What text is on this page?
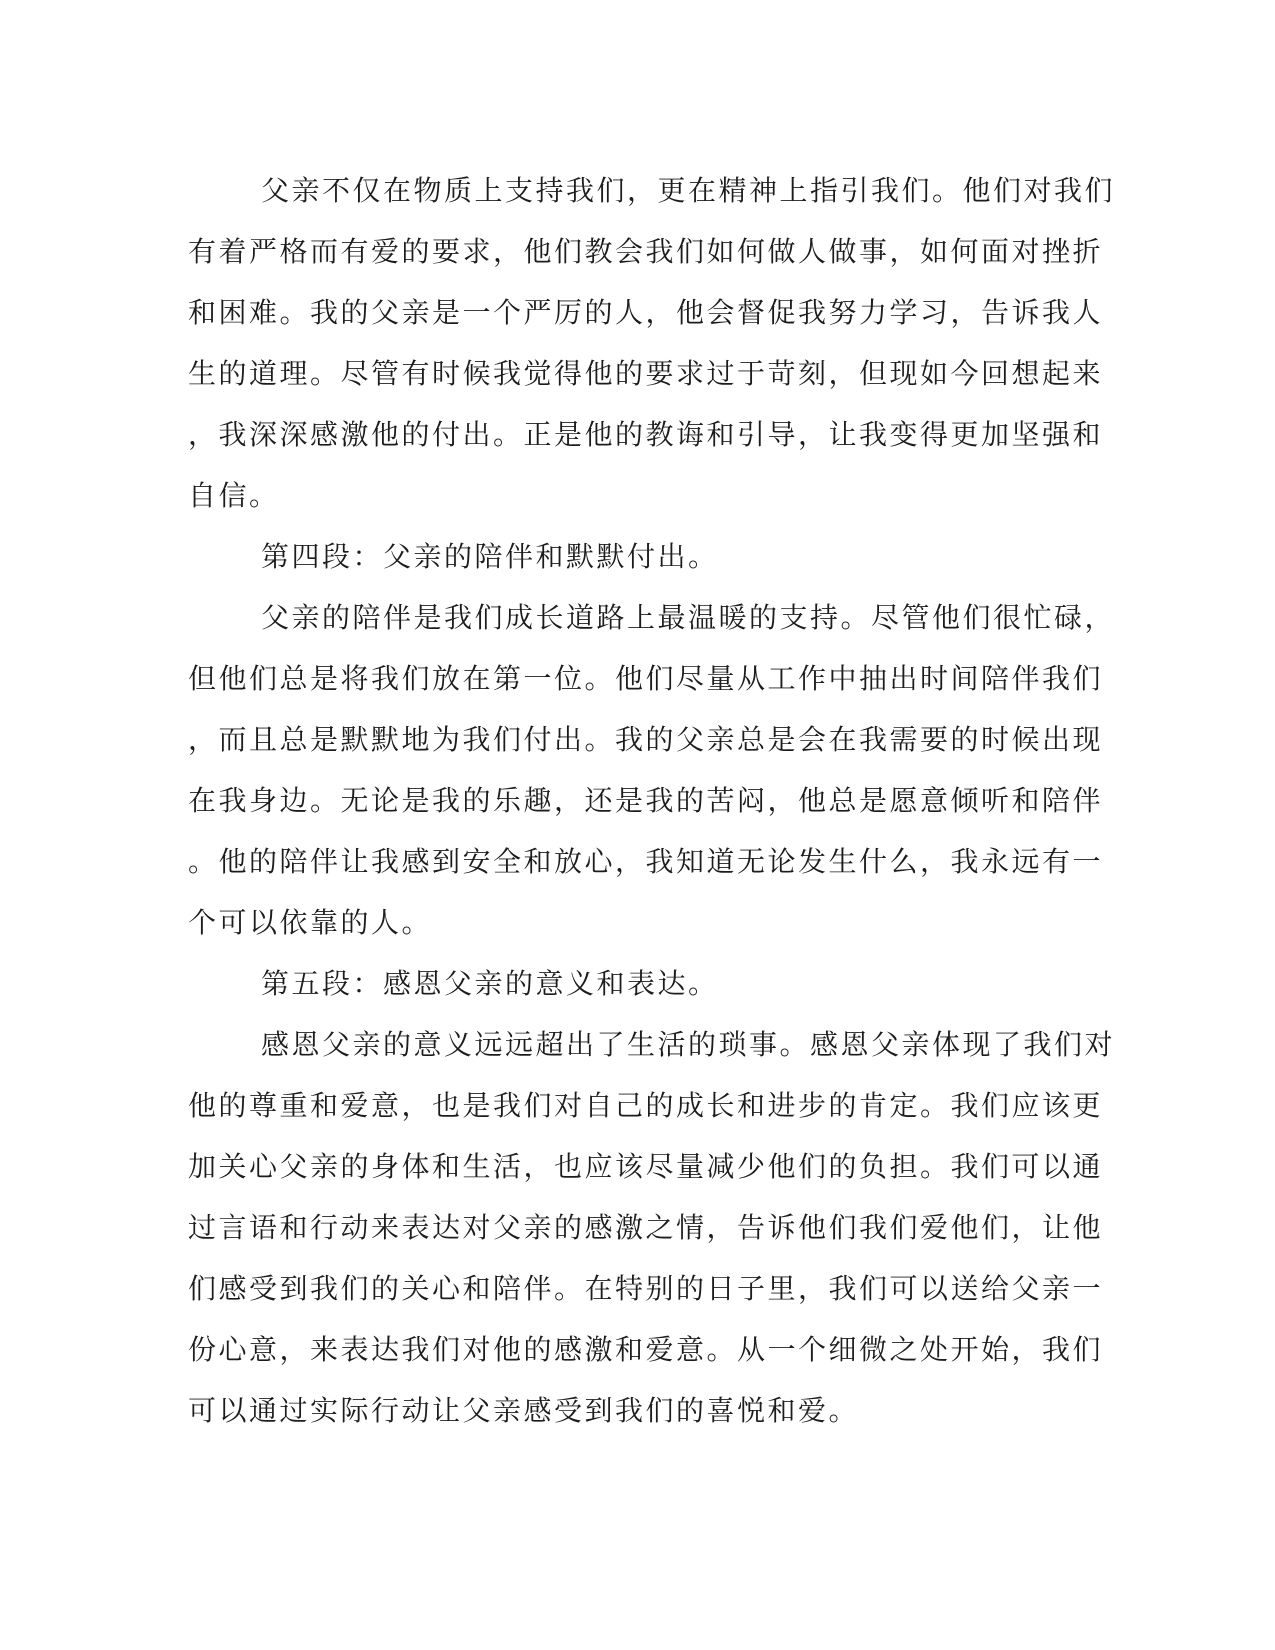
父亲不仅在物质上支持我们，更在精神上指引我们。他们对我们
有着严格而有爱的要求，他们教会我们如何做人做事，如何面对挫折
和困难。我的父亲是一个严厉的人，他会督促我努力学习，告诉我人
生的道理。尽管有时候我觉得他的要求过于苛刻，但现如今回想起来
，我深深感激他的付出。正是他的教诲和引导，让我变得更加坚强和
自信。
第四段：父亲的陪伴和默默付出。
父亲的陪伴是我们成长道路上最温暖的支持。尽管他们很忙碌，
但他们总是将我们放在第一位。他们尽量从工作中抽出时间陪伴我们
，而且总是默默地为我们付出。我的父亲总是会在我需要的时候出现
在我身边。无论是我的乐趣，还是我的苦闷，他总是愿意倾听和陪伴
。他的陪伴让我感到安全和放心，我知道无论发生什么，我永远有一
个可以依靠的人。
第五段：感恩父亲的意义和表达。
感恩父亲的意义远远超出了生活的琐事。感恩父亲体现了我们对
他的尊重和爱意，也是我们对自己的成长和进步的肯定。我们应该更
加关心父亲的身体和生活，也应该尽量减少他们的负担。我们可以通
过言语和行动来表达对父亲的感激之情，告诉他们我们爱他们，让他
们感受到我们的关心和陪伴。在特别的日子里，我们可以送给父亲一
份心意，来表达我们对他的感激和爱意。从一个细微之处开始，我们
可以通过实际行动让父亲感受到我们的喜悦和爱。
